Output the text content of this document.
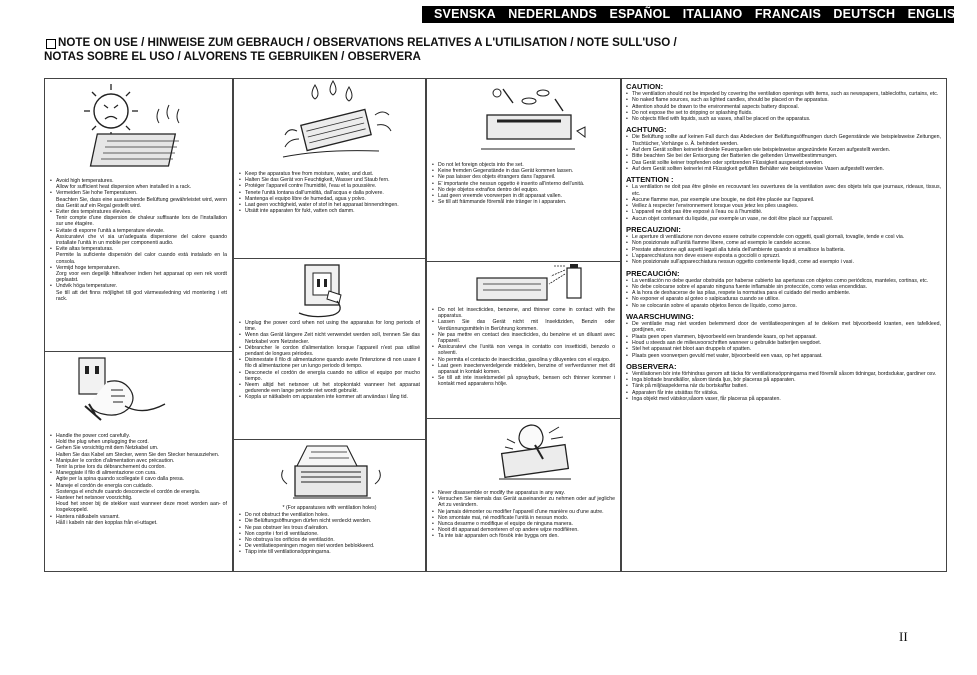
SVENSKA NEDERLANDS ESPAÑOL ITALIANO FRANCAIS DEUTSCH ENGLISH
NOTE ON USE / HINWEISE ZUM GEBRAUCH / OBSERVATIONS RELATIVES A L'UTILISATION / NOTE SULL'USO /
NOTAS SOBRE EL USO / ALVORENS TE GEBRUIKEN / OBSERVERA
• Avoid high temperatures.
Allow for sufficient heat dispersion when installed in a rack.
• Vermeiden Sie hohe Temperaturen.
Beachten Sie, dass eine ausreichende Belüftung gewährleistet wird, wenn das Gerät auf ein Regal gestellt wird.
• Eviter des températures élevées.
Tenir compte d'une dispersion de chaleur suffisante lors de l'installation sur une étagère.
• Evitate di esporre l'unità a temperature elevate.
Assicuratevi che vi sia un'adeguata dispersione del calore quando installate l'unità in un mobile per componenti audio.
• Evite altas temperaturas.
Permite la suficiente dispersión del calor cuando está instalado en la consola.
• Vermijd hoge temperaturen.
Zorg voor een degelijk hitteafvoer indien het apparaat op een rek wordt geplaatst.
• Undvik höga temperaturer.
Se till att det finns möjlighet till god värmeavledning vid montering i ett rack.
• Handle the power cord carefully.
Hold the plug when unplugging the cord.
• Gehen Sie vorsichtig mit dem Netzkabel um.
Halten Sie das Kabel am Stecker, wenn Sie den Stecker herausziehen.
• Manipuler le cordon d'alimentation avec précaution.
Tenir la prise lors du débranchement du cordon.
• Maneggiate il filo di alimentazione con cura.
Agite per la spina quando scollegate il cavo dalla presa.
• Maneje el cordón de energía con cuidado.
Sostenga el enchufe cuando desconecte el cordón de energía.
• Hanteer het netsnoer voorzichtig.
Houd het snoer bij de stekker vast wanneer deze moet worden aan- of losgekoppeld.
• Hantera nätkabeln varsamt.
Håll i kabeln när den kopplas från el-uttaget.
• Keep the apparatus free from moisture, water, and dust.
• Halten Sie das Gerät von Feuchtigkeit, Wasser und Staub fern.
• Protéger l'appareil contre l'humidité, l'eau et la poussière.
• Tenete l'unità lontana dall'umidità, dall'acqua e dalla polvere.
• Mantenga el equipo libre de humedad, agua y polvo.
• Laat geen vochtigheid, water of stof in het apparaat binnendringen.
• Utsätt inte apparaten för fukt, vatten och damm.
• Unplug the power cord when not using the apparatus for long periods of time.
• Wenn das Gerät längere Zeit nicht verwendet werden soll, trennen Sie das Netzkabel vom Netzstecker.
• Débrancher le cordon d'alimentation lorsque l'appareil n'est pas utilisé pendant de longues périodes.
• Disinnestate il filo di alimentazione quando avete l'intenzione di non usare il filo di alimentazione per un lungo periodo di tempo.
• Desconecte el cordón de energía cuando no utilice el equipo por mucho tiempo.
• Neem altijd het netsnoer uit het stopkontakt wanneer het apparaat gedurende een lange periode niet wordt gebruikt.
• Koppla ur nätkabeln om apparaten inte kommer att användas i lång tid.
* (For apparatuses with ventilation holes)
• Do not obstruct the ventilation holes.
• Die Belüftungsöffnungen dürfen nicht verdeckt werden.
• Ne pas obstruer les trous d'aération.
• Non coprite i fori di ventilazione.
• No obstruya los orificios de ventilación.
• De ventilatieopeningen mogen niet worden beblokkeerd.
• Täpp inte till ventilationsöppningarna.
• Do not let foreign objects into the set.
• Keine fremden Gegenstände in das Gerät kommen lassen.
• Ne pas laisser des objets étrangers dans l'appareil.
• E' importante che nessun oggetto è inserito all'interno dell'unità.
• No deje objetos extraños dentro del equipo.
• Laat geen vreemde voorwerpen in dit apparaat vallen.
• Se till att främmande föremål inte tränger in i apparaten.
• Do not let insecticides, benzene, and thinner come in contact with the apparatus.
• Lassen Sie das Gerät nicht mit Insektiziden, Benzin oder Verdünnungsmitteln in Berührung kommen.
• Ne pas mettre en contact des insecticides, du benzène et un diluant avec l'appareil.
• Assicuratevi che l'unità non venga in contatto con insetticidi, benzolo o solventi.
• No permita el contacto de insecticidas, gasolina y diluyentes con el equipo.
• Laat geen insectenverdelgende middelen, benzine of verfverdunner met dit apparaat in kontakt komen.
• Se till att inte insektsmedel på sprayburk, bensen och thinner kommer i kontakt med apparatens hölje.
• Never disassemble or modify the apparatus in any way.
• Versuchen Sie niemals das Gerät auseinander zu nehmen oder auf jegliche Art zu verändern.
• Ne jamais démonter ou modifier l'appareil d'une manière ou d'une autre.
• Non smontate mai, né modificate l'unità in nessun modo.
• Nunca desarme o modifique el equipo de ninguna manera.
• Nooit dit apparaat demonteren of op andere wijze modifiëren.
• Ta inte isär apparaten och försök inte bygga om den.
CAUTION:
• The ventilation should not be impeded by covering the ventilation openings with items, such as newspapers, tablecloths, curtains, etc.
• No naked flame sources, such as lighted candles, should be placed on the apparatus.
• Attention should be drawn to the environmental aspects battery disposal.
• Do not expose the set to dripping or splashing fluids.
• No objects filled with liquids, such as vases, shall be placed on the apparatus.
ACHTUNG:
• Die Belüftung sollte auf keinen Fall durch das Abdecken der Belüftungsöffnungen durch Gegenstände wie beispielsweise Zeitungen, Tischtücher, Vorhänge o. Ä. behindert werden.
• Auf dem Gerät sollten keinerlei direkte Feuerquellen wie beispielsweise angezündete Kerzen aufgestellt werden.
• Bitte beachten Sie bei der Entsorgung der Batterien die geltenden Umweltbestimmungen.
• Das Gerät sollte keiner tropfenden oder spritzenden Flüssigkeit ausgesetzt werden.
• Auf dem Gerät sollten keinerlei mit Flüssigkeit gefüllten Behälter wie beispielsweise Vasen aufgestellt werden.
ATTENTION :
• La ventilation ne doit pas être gênée en recouvrant les ouvertures de la ventilation avec des objets tels que journaux, rideaux, tissus, etc.
• Aucune flamme nue, par exemple une bougie, ne doit être placée sur l'appareil.
• Veillez à respecter l'environnement lorsque vous jetez les piles usagées.
• L'appareil ne doit pas être exposé à l'eau ou à l'humidité.
• Aucun objet contenant du liquide, par exemple un vase, ne doit être placé sur l'appareil.
PRECAUZIONI:
• Le aperture di ventilazione non devono essere ostruite coprendole con oggetti, quali giornali, tovaglie, tende e così via.
• Non posizionate sull'unità fiamme libere, come ad esempio le candele accese.
• Prestate attenzione agli aspetti legati alla tutela dell'ambiente quando si smaltisce la batteria.
• L'apparecchiatura non deve essere esposta a gocciolii o spruzzi.
• Non posizionate sull'apparecchiatura nessun oggetto contenente liquidi, come ad esempio i vasi.
PRECAUCIÓN:
• La ventilación no debe quedar obstruida por haberse cubierto las aperturas con objetos como periódicos, manteles, cortinas, etc.
• No debe colocarse sobre el aparato ninguna fuente inflamable sin protección, como velas encendidas.
• A la hora de deshacerse de las pilas, respete la normativa para el cuidado del medio ambiente.
• No exponer el aparato al goteo o salpicaduras cuando se utilice.
• No se colocarán sobre el aparato objetos llenos de líquido, como jarros.
WAARSCHUWING:
• De ventilatie mag niet worden belemmerd door de ventilatieopeningen af te dekken met bijvoorbeeld kranten, een tafelkleed, gordijnen, enz.
• Plaats geen open vlammen, bijvoorbeeld een brandende kaars, op het apparaat.
• Houd u steeds aan de milieuvoorschriften wanneer u gebruikte batterijen wegdoet.
• Stel het apparaat niet bloot aan druppels of spatten.
• Plaats geen voorwerpen gevuld met water, bijvoorbeeld een vaas, op het apparaat.
OBSERVERA:
• Ventilationen bör inte förhindras genom att täcka för ventilationsöppningarna med föremål såsom tidningar, bordsdukar, gardiner osv.
• Inga blottade brandkällor, såsom tända ljus, bör placeras på apparaten.
• Tänk på miljöaspekterna när du bortskaffar batteri.
• Apparaten får inte utsättas för vätska.
• Inga objekt med vätskor,såsom vaser, får placeras på apparaten.
II
